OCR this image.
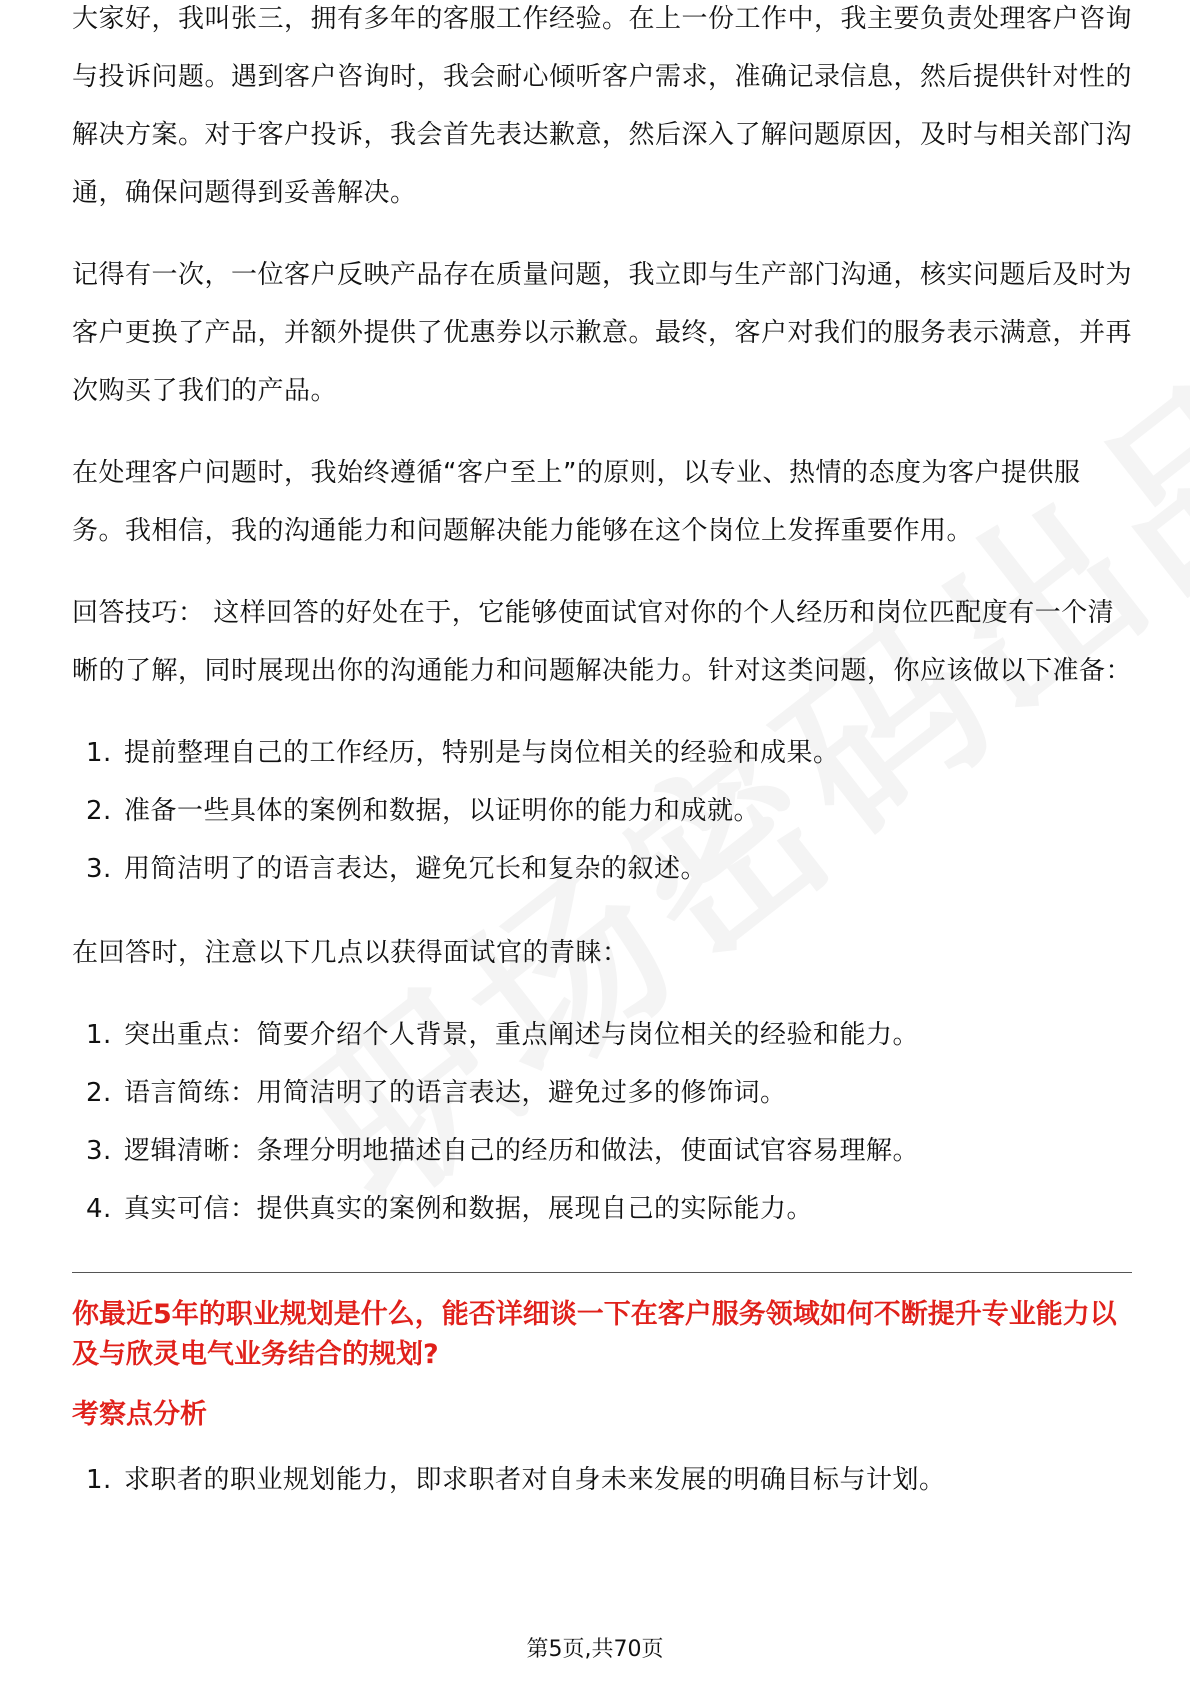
大家好，我叫张三，拥有多年的客服工作经验。在上一份工作中，我主要负责处理客户咨询与投诉问题。遇到客户咨询时，我会耐心倾听客户需求，准确记录信息，然后提供针对性的解决方案。对于客户投诉，我会首先表达歉意，然后深入了解问题原因，及时与相关部门沟通，确保问题得到妥善解决。

记得有一次，一位客户反映产品存在质量问题，我立即与生产部门沟通，核实问题后及时为客户更换了产品，并额外提供了优惠券以示歉意。最终，客户对我们的服务表示满意，并再次购买了我们的产品。

在处理客户问题时，我始终遵循“客户至上”的原则，以专业、热情的态度为客户提供服务。我相信，我的沟通能力和问题解决能力能够在这个岗位上发挥重要作用。

回答技巧： 这样回答的好处在于，它能够使面试官对你的个人经历和岗位匹配度有一个清晰的了解，同时展现出你的沟通能力和问题解决能力。针对这类问题，你应该做以下准备：

1. 提前整理自己的工作经历，特别是与岗位相关的经验和成果。
2. 准备一些具体的案例和数据，以证明你的能力和成就。
3. 用简洁明了的语言表达，避免冗长和复杂的叙述。

在回答时，注意以下几点以获得面试官的青睐：

1. 突出重点：简要介绍个人背景，重点阐述与岗位相关的经验和能力。
2. 语言简练：用简洁明了的语言表达，避免过多的修饰词。
3. 逻辑清晰：条理分明地描述自己的经历和做法，使面试官容易理解。
4. 真实可信：提供真实的案例和数据，展现自己的实际能力。
你最近5年的职业规划是什么，能否详细谈一下在客户服务领域如何不断提升专业能力以及与欣灵电气业务结合的规划?
考察点分析
1. 求职者的职业规划能力，即求职者对自身未来发展的明确目标与计划。
第5页,共70页
